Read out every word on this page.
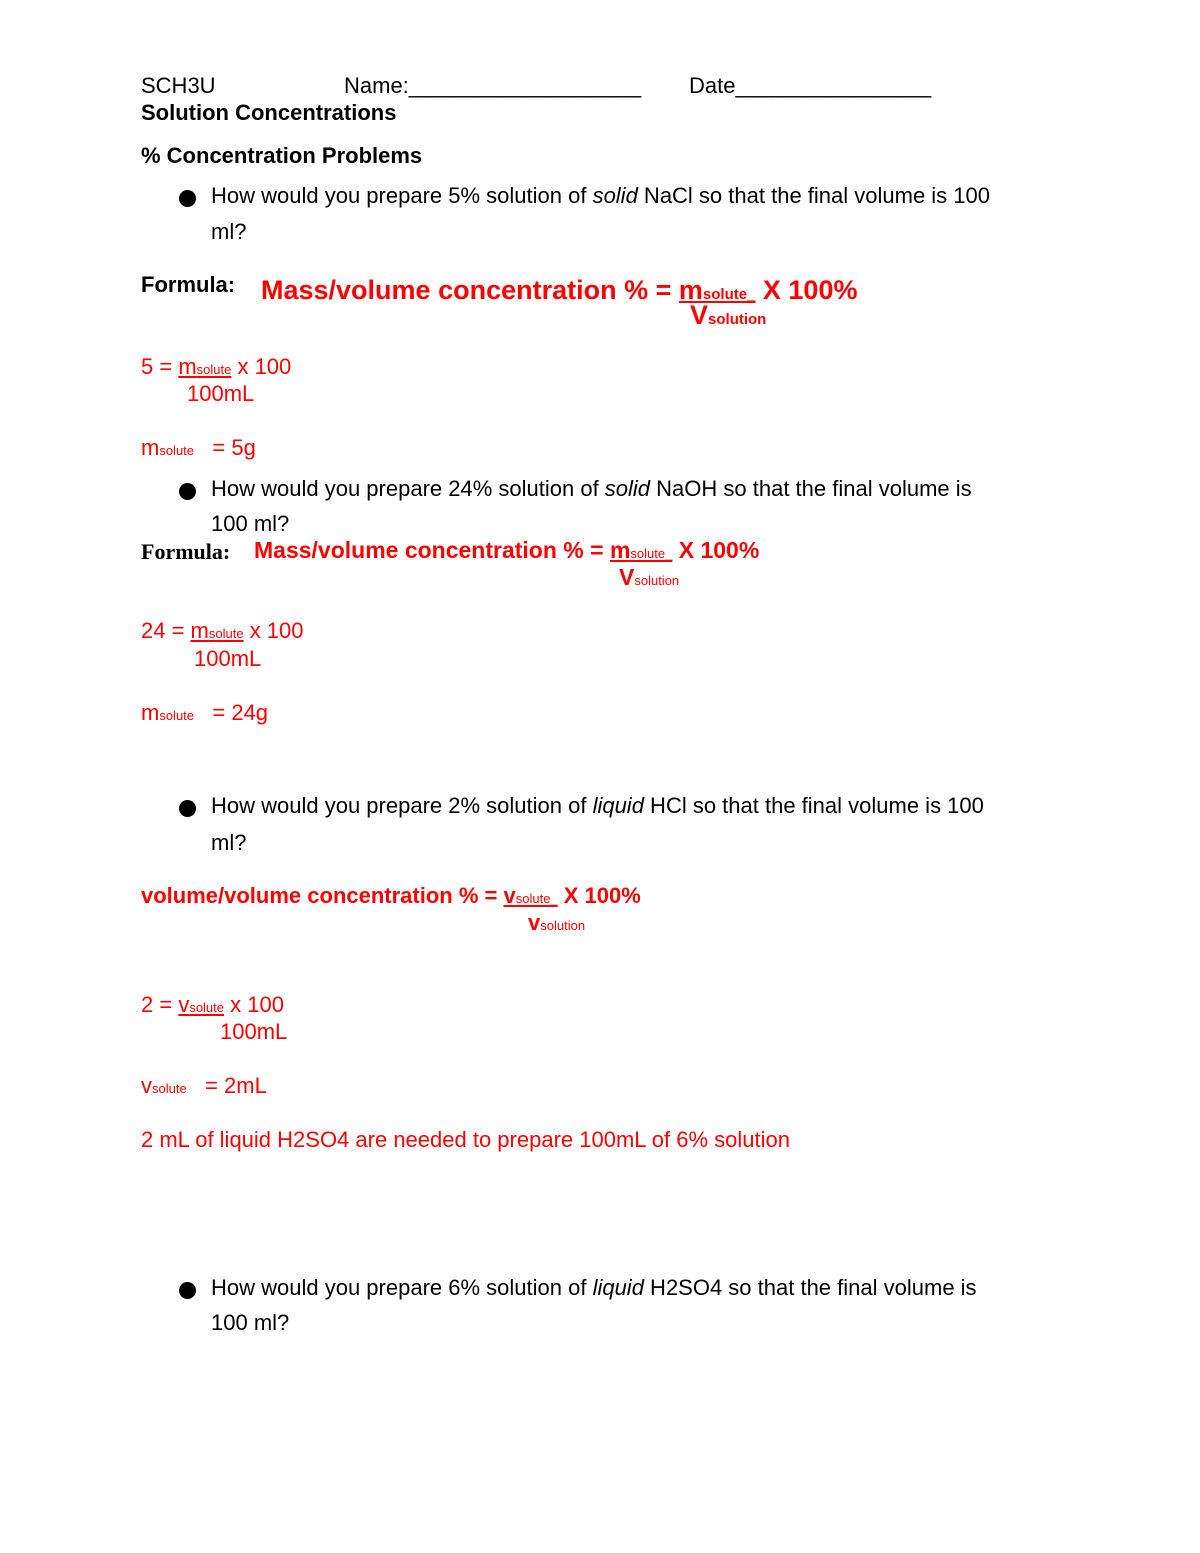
SCH3U	Name:___________________ Date________________
Solution Concentrations
% Concentration Problems
How would you prepare 5% solution of solid NaCl so that the final volume is 100
ml?
Formula: Mass/volume concentration % = msolute_ X 100%
Vsolution
5 = msolute x 100
100mL
msolute = 5g
How would you prepare 24% solution of solid NaOH so that the final volume is
100 ml?
Formula: Mass/volume concentration % = msolute_ X 100%
Vsolution
24 = msolute x 100
100mL
msolute = 24g
How would you prepare 2% solution of liquid HCl so that the final volume is 100
ml?
volume/volume concentration % = vsolute_ X 100%
vsolution
2 = vsolute x 100
100mL
vsolute = 2mL
2 mL of liquid H2SO4 are needed to prepare 100mL of 6% solution
How would you prepare 6% solution of liquid H2SO4 so that the final volume is
100 ml?
